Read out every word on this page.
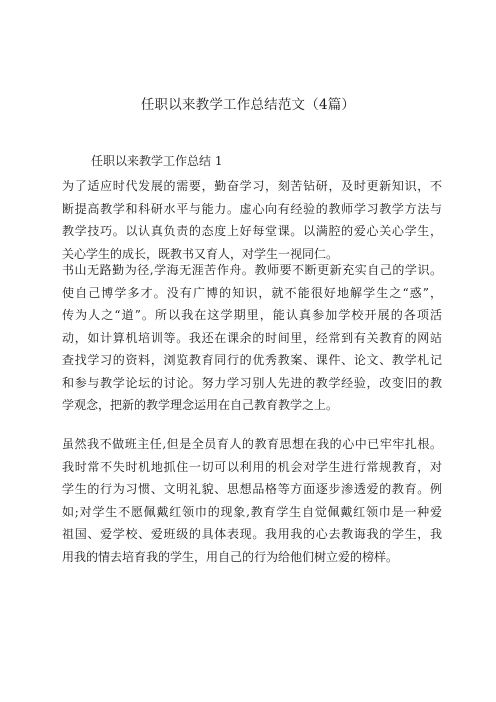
任职以来教学工作总结范文（4篇）
任职以来教学工作总结 1
为了适应时代发展的需要，勤奋学习，刻苦钻研，及时更新知识，不
断提高教学和科研水平与能力。虚心向有经验的教师学习教学方法与
教学技巧。以认真负责的态度上好每堂课。以满腔的爱心关心学生，
关心学生的成长，既教书又育人，对学生一视同仁。
书山无路勤为径,学海无涯苦作舟。教师要不断更新充实自己的学识。
使自己博学多才。没有广博的知识，就不能很好地解学生之“惑”，
传为人之“道”。所以我在这学期里，能认真参加学校开展的各项活
动，如计算机培训等。我还在课余的时间里，经常到有关教育的网站
查找学习的资料，浏览教育同行的优秀教案、课件、论文、教学札记
和参与教学论坛的讨论。努力学习别人先进的教学经验，改变旧的教
学观念，把新的教学理念运用在自己教育教学之上。
虽然我不做班主任,但是全员育人的教育思想在我的心中已牢牢扎根。
我时常不失时机地抓住一切可以利用的机会对学生进行常规教育，对
学生的行为习惯、文明礼貌、思想品格等方面逐步渗透爱的教育。例
如;对学生不愿佩戴红领巾的现象,教育学生自觉佩戴红领巾是一种爱
祖国、爱学校、爱班级的具体表现。我用我的心去教诲我的学生，我
用我的情去培育我的学生，用自己的行为给他们树立爱的榜样。
